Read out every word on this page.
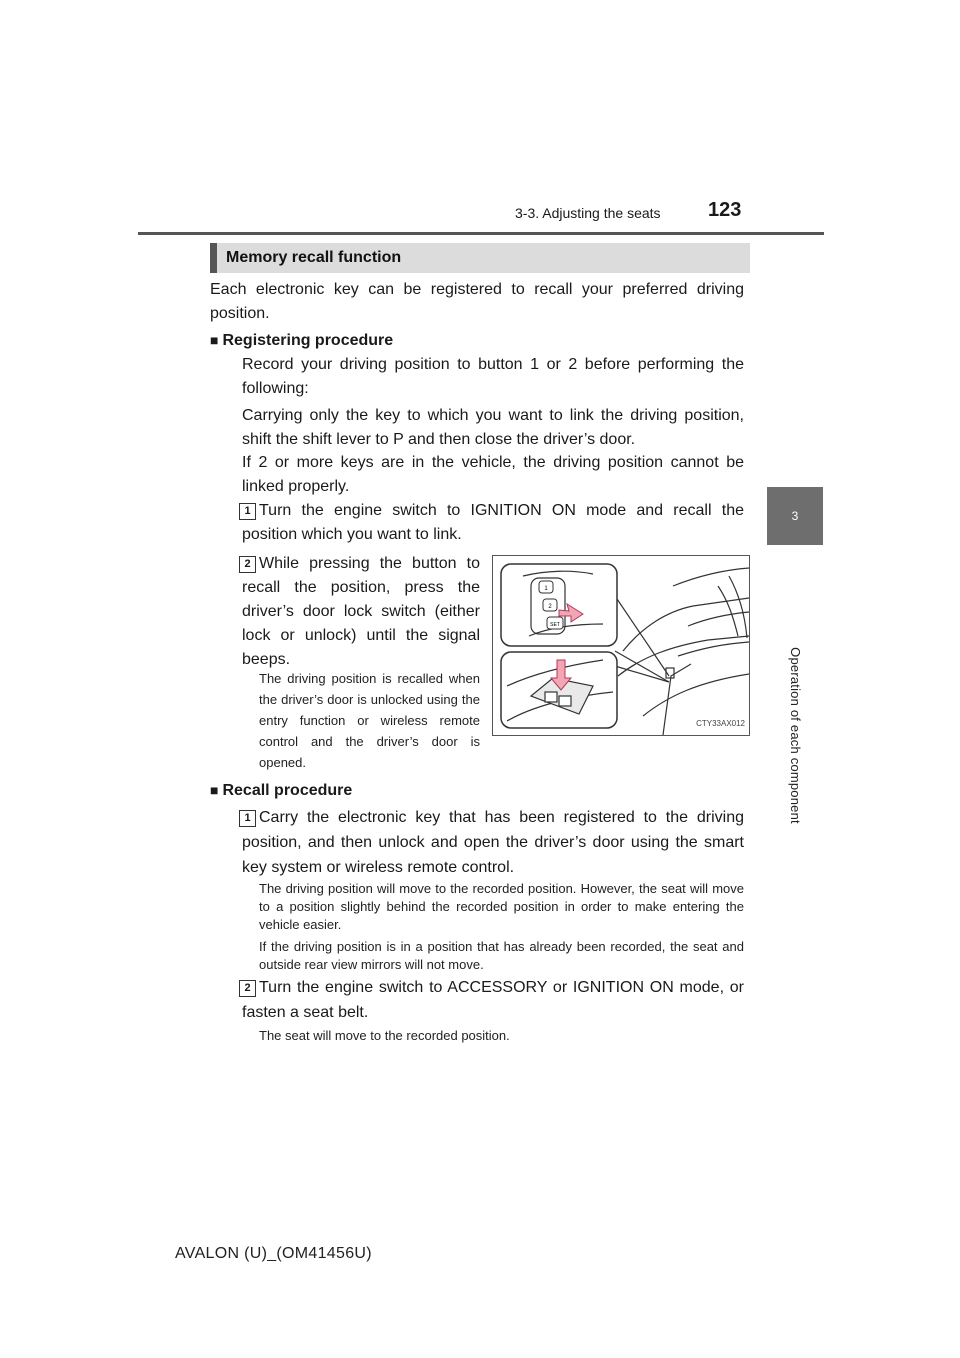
3-3. Adjusting the seats 123
3
Operation of each component
Memory recall function
Each electronic key can be registered to recall your preferred driving position.
■ Registering procedure
Record your driving position to button 1 or 2 before performing the following:
Carrying only the key to which you want to link the driving position, shift the shift lever to P and then close the driver’s door.
If 2 or more keys are in the vehicle, the driving position cannot be linked properly.
1 Turn the engine switch to IGNITION ON mode and recall the position which you want to link.
2 While pressing the button to recall the position, press the driver’s door lock switch (either lock or unlock) until the signal beeps.
The driving position is recalled when the driver’s door is unlocked using the entry function or wireless remote control and the driver’s door is opened.
1
2
SET
CTY33AX012
■ Recall procedure
1 Carry the electronic key that has been registered to the driving position, and then unlock and open the driver’s door using the smart key system or wireless remote control.
The driving position will move to the recorded position. However, the seat will move to a position slightly behind the recorded position in order to make entering the vehicle easier.
If the driving position is in a position that has already been recorded, the seat and outside rear view mirrors will not move.
2 Turn the engine switch to ACCESSORY or IGNITION ON mode, or fasten a seat belt.
The seat will move to the recorded position.
AVALON (U)_(OM41456U)
